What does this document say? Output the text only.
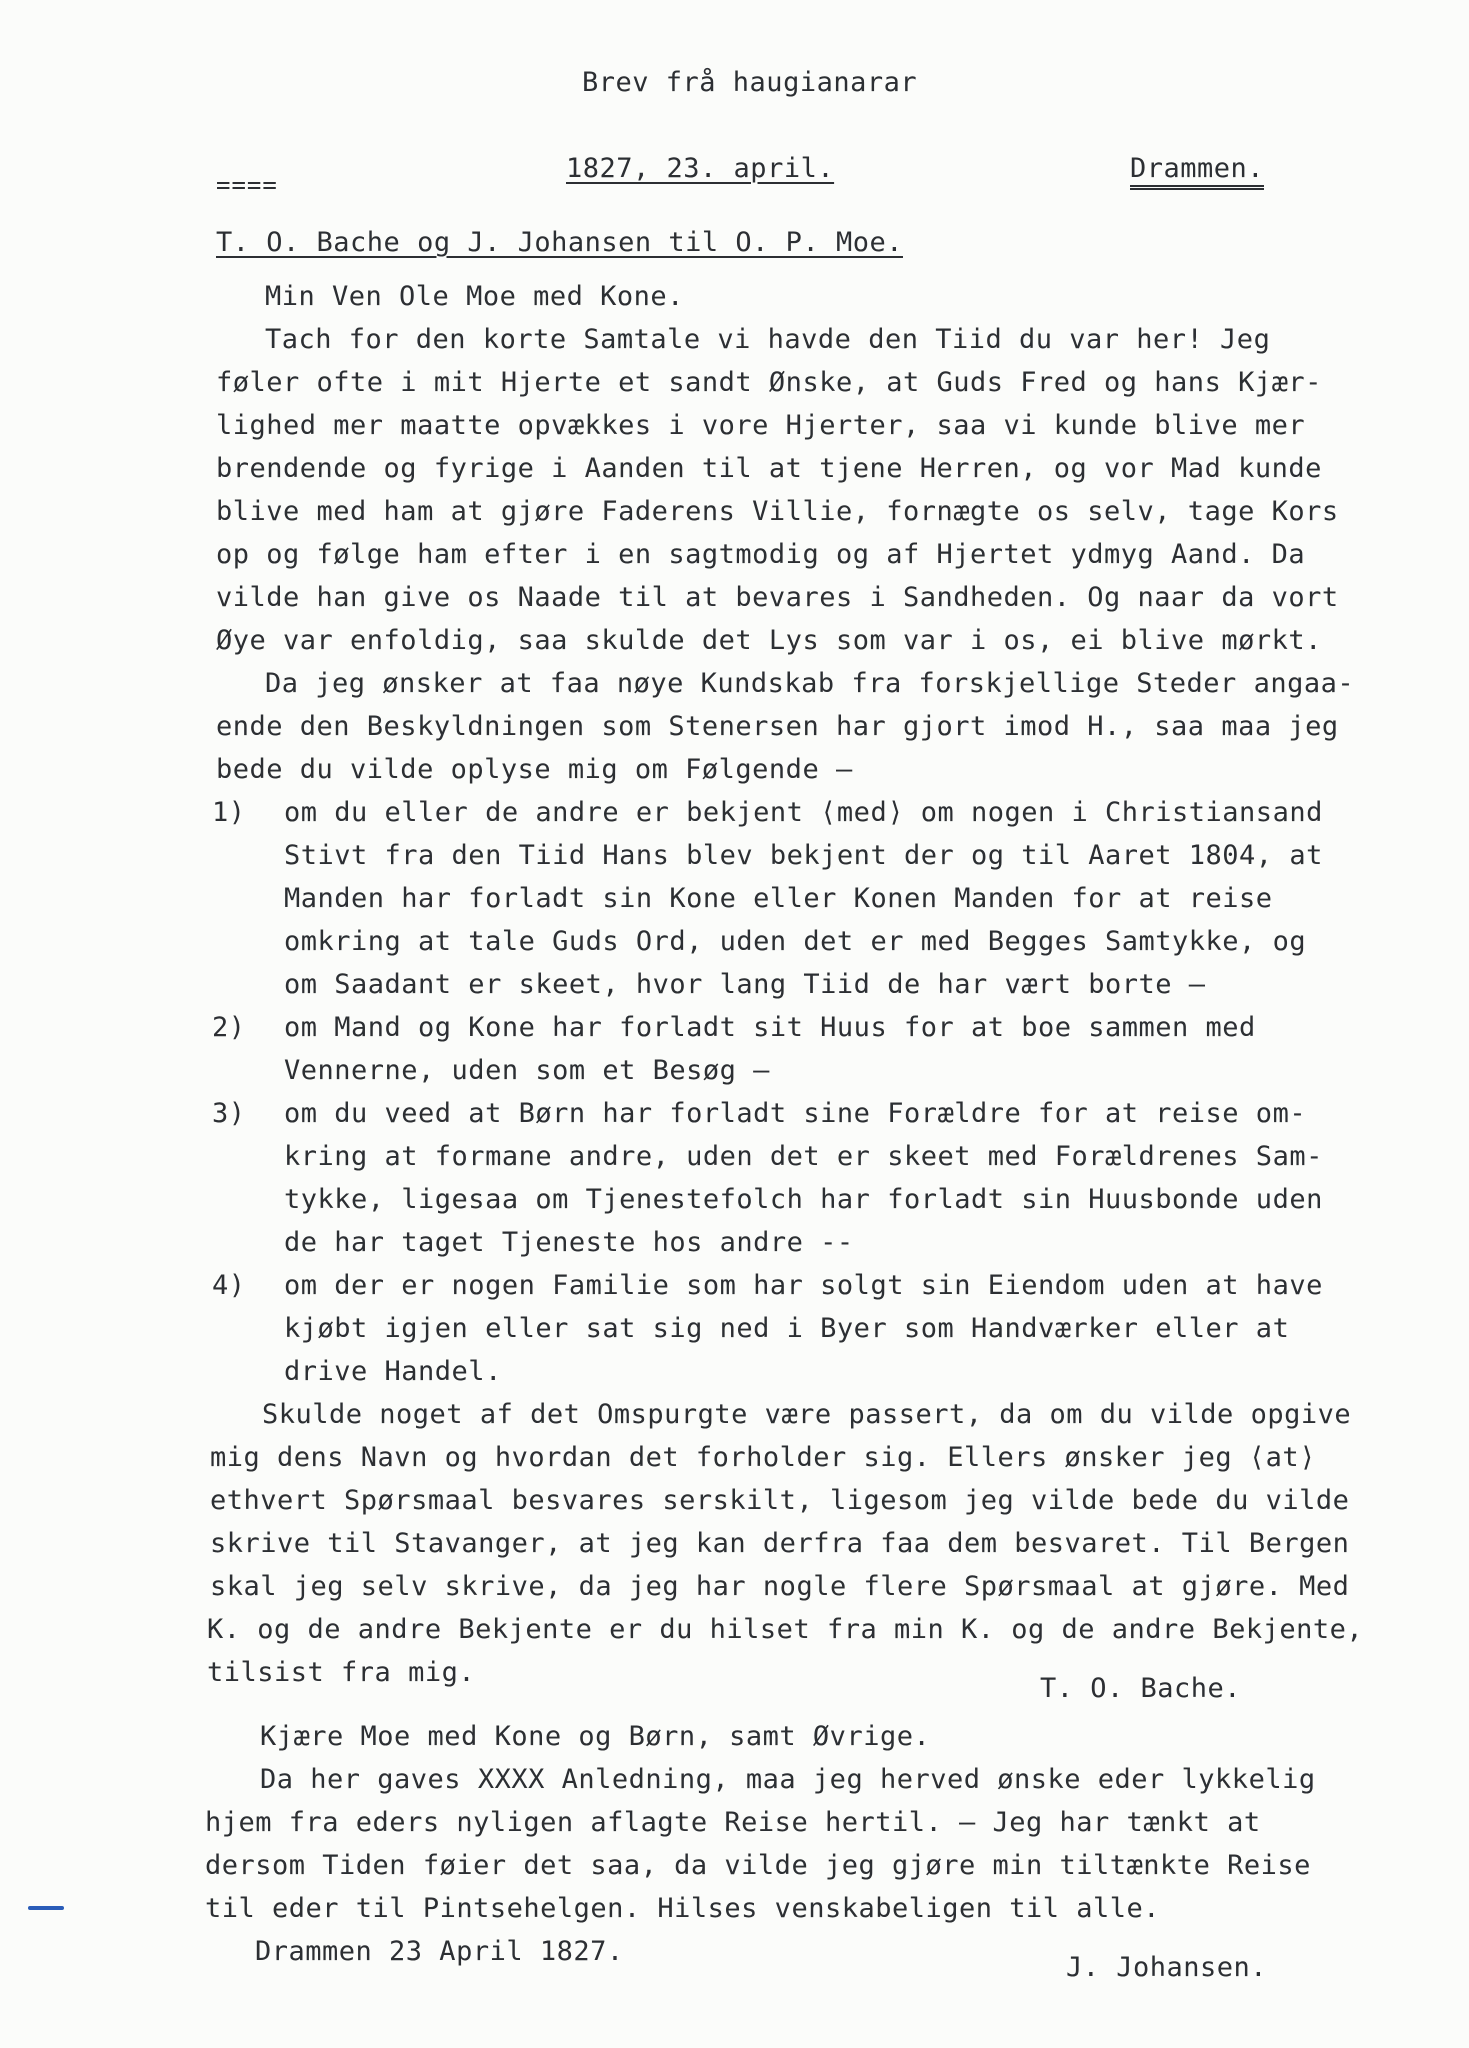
Brev frå haugianarar
====
1827, 23. april.	Drammen.
T. O. Bache og J. Johansen til O. P. Moe.
Min Ven Ole Moe med Kone.
Tach for den korte Samtale vi havde den Tiid du var her! Jeg
føler ofte i mit Hjerte et sandt Ønske, at Guds Fred og hans Kjær-
lighed mer maatte opvækkes i vore Hjerter, saa vi kunde blive mer
brendende og fyrige i Aanden til at tjene Herren, og vor Mad kunde
blive med ham at gjøre Faderens Villie, fornægte os selv, tage Kors
op og følge ham efter i en sagtmodig og af Hjertet ydmyg Aand. Da
vilde han give os Naade til at bevares i Sandheden. Og naar da vort
Øye var enfoldig, saa skulde det Lys som var i os, ei blive mørkt.
Da jeg ønsker at faa nøye Kundskab fra forskjellige Steder angaa-
ende den Beskyldningen som Stenersen har gjort imod H., saa maa jeg
bede du vilde oplyse mig om Følgende —
1) om du eller de andre er bekjent ⟨med⟩ om nogen i Christiansand
Stivt fra den Tiid Hans blev bekjent der og til Aaret 1804, at
Manden har forladt sin Kone eller Konen Manden for at reise
omkring at tale Guds Ord, uden det er med Begges Samtykke, og
om Saadant er skeet, hvor lang Tiid de har vært borte —
2) om Mand og Kone har forladt sit Huus for at boe sammen med
Vennerne, uden som et Besøg —
3) om du veed at Børn har forladt sine Forældre for at reise om-
kring at formane andre, uden det er skeet med Forældrenes Sam-
tykke, ligesaa om Tjenestefolch har forladt sin Huusbonde uden
de har taget Tjeneste hos andre --
4) om der er nogen Familie som har solgt sin Eiendom uden at have
kjøbt igjen eller sat sig ned i Byer som Handværker eller at
drive Handel.
Skulde noget af det Omspurgte være passert, da om du vilde opgive
mig dens Navn og hvordan det forholder sig. Ellers ønsker jeg ⟨at⟩
ethvert Spørsmaal besvares serskilt, ligesom jeg vilde bede du vilde
skrive til Stavanger, at jeg kan derfra faa dem besvaret. Til Bergen
skal jeg selv skrive, da jeg har nogle flere Spørsmaal at gjøre. Med
K. og de andre Bekjente er du hilset fra min K. og de andre Bekjente,
tilsist fra mig.
T. O. Bache.
Kjære Moe med Kone og Børn, samt Øvrige.
Da her gaves XXXX Anledning, maa jeg herved ønske eder lykkelig
hjem fra eders nyligen aflagte Reise hertil. — Jeg har tænkt at
dersom Tiden føier det saa, da vilde jeg gjøre min tiltænkte Reise
til eder til Pintsehelgen. Hilses venskabeligen til alle.
Drammen 23 April 1827.
J. Johansen.
